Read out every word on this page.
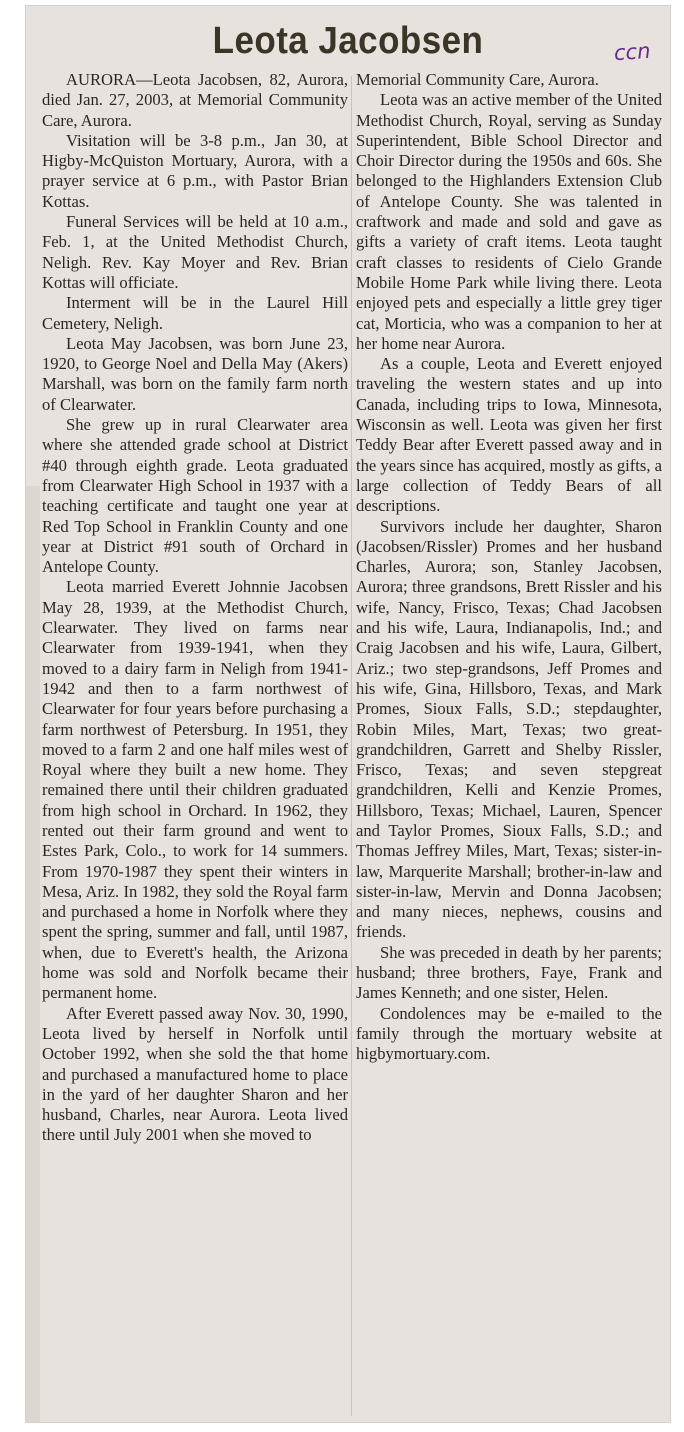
Leota Jacobsen	ccn

AURORA—Leota Jacobsen, 82, Aurora, died Jan. 27, 2003, at Memorial Community Care, Aurora.

Visitation will be 3-8 p.m., Jan 30, at Higby-McQuiston Mortuary, Aurora, with a prayer service at 6 p.m., with Pastor Brian Kottas.

Funeral Services will be held at 10 a.m., Feb. 1, at the United Methodist Church, Neligh. Rev. Kay Moyer and Rev. Brian Kottas will officiate.

Interment will be in the Laurel Hill Cemetery, Neligh.

Leota May Jacobsen, was born June 23, 1920, to George Noel and Della May (Akers) Marshall, was born on the family farm north of Clearwater.

She grew up in rural Clearwater area where she attended grade school at District #40 through eighth grade. Leota graduated from Clearwater High School in 1937 with a teaching certificate and taught one year at Red Top School in Franklin County and one year at District #91 south of Orchard in Antelope County.

Leota married Everett Johnnie Jacobsen May 28, 1939, at the Methodist Church, Clearwater. They lived on farms near Clearwater from 1939-1941, when they moved to a dairy farm in Neligh from 1941-1942 and then to a farm northwest of Clearwater for four years before purchasing a farm northwest of Petersburg. In 1951, they moved to a farm 2 and one half miles west of Royal where they built a new home. They remained there until their children graduated from high school in Orchard. In 1962, they rented out their farm ground and went to Estes Park, Colo., to work for 14 summers. From 1970-1987 they spent their winters in Mesa, Ariz. In 1982, they sold the Royal farm and purchased a home in Norfolk where they spent the spring, summer and fall, until 1987, when, due to Everett's health, the Arizona home was sold and Norfolk became their permanent home.

After Everett passed away Nov. 30, 1990, Leota lived by herself in Norfolk until October 1992, when she sold the that home and purchased a manufactured home to place in the yard of her daughter Sharon and her husband, Charles, near Aurora. Leota lived there until July 2001 when she moved to

Memorial Community Care, Aurora.

Leota was an active member of the United Methodist Church, Royal, serving as Sunday Superintendent, Bible School Director and Choir Director during the 1950s and 60s. She belonged to the Highlanders Extension Club of Antelope County. She was talented in craftwork and made and sold and gave as gifts a variety of craft items. Leota taught craft classes to residents of Cielo Grande Mobile Home Park while living there. Leota enjoyed pets and especially a little grey tiger cat, Morticia, who was a companion to her at her home near Aurora.

As a couple, Leota and Everett enjoyed traveling the western states and up into Canada, including trips to Iowa, Minnesota, Wisconsin as well. Leota was given her first Teddy Bear after Everett passed away and in the years since has acquired, mostly as gifts, a large collection of Teddy Bears of all descriptions.

Survivors include her daughter, Sharon (Jacobsen/Rissler) Promes and her husband Charles, Aurora; son, Stanley Jacobsen, Aurora; three grandsons, Brett Rissler and his wife, Nancy, Frisco, Texas; Chad Jacobsen and his wife, Laura, Indianapolis, Ind.; and Craig Jacobsen and his wife, Laura, Gilbert, Ariz.; two step-grandsons, Jeff Promes and his wife, Gina, Hillsboro, Texas, and Mark Promes, Sioux Falls, S.D.; stepdaughter, Robin Miles, Mart, Texas; two great-grandchildren, Garrett and Shelby Rissler, Frisco, Texas; and seven stepgreat grandchildren, Kelli and Kenzie Promes, Hillsboro, Texas; Michael, Lauren, Spencer and Taylor Promes, Sioux Falls, S.D.; and Thomas Jeffrey Miles, Mart, Texas; sister-in-law, Marquerite Marshall; brother-in-law and sister-in-law, Mervin and Donna Jacobsen; and many nieces, nephews, cousins and friends.

She was preceded in death by her parents; husband; three brothers, Faye, Frank and James Kenneth; and one sister, Helen.

Condolences may be e-mailed to the family through the mortuary website at higbymortuary.com.
